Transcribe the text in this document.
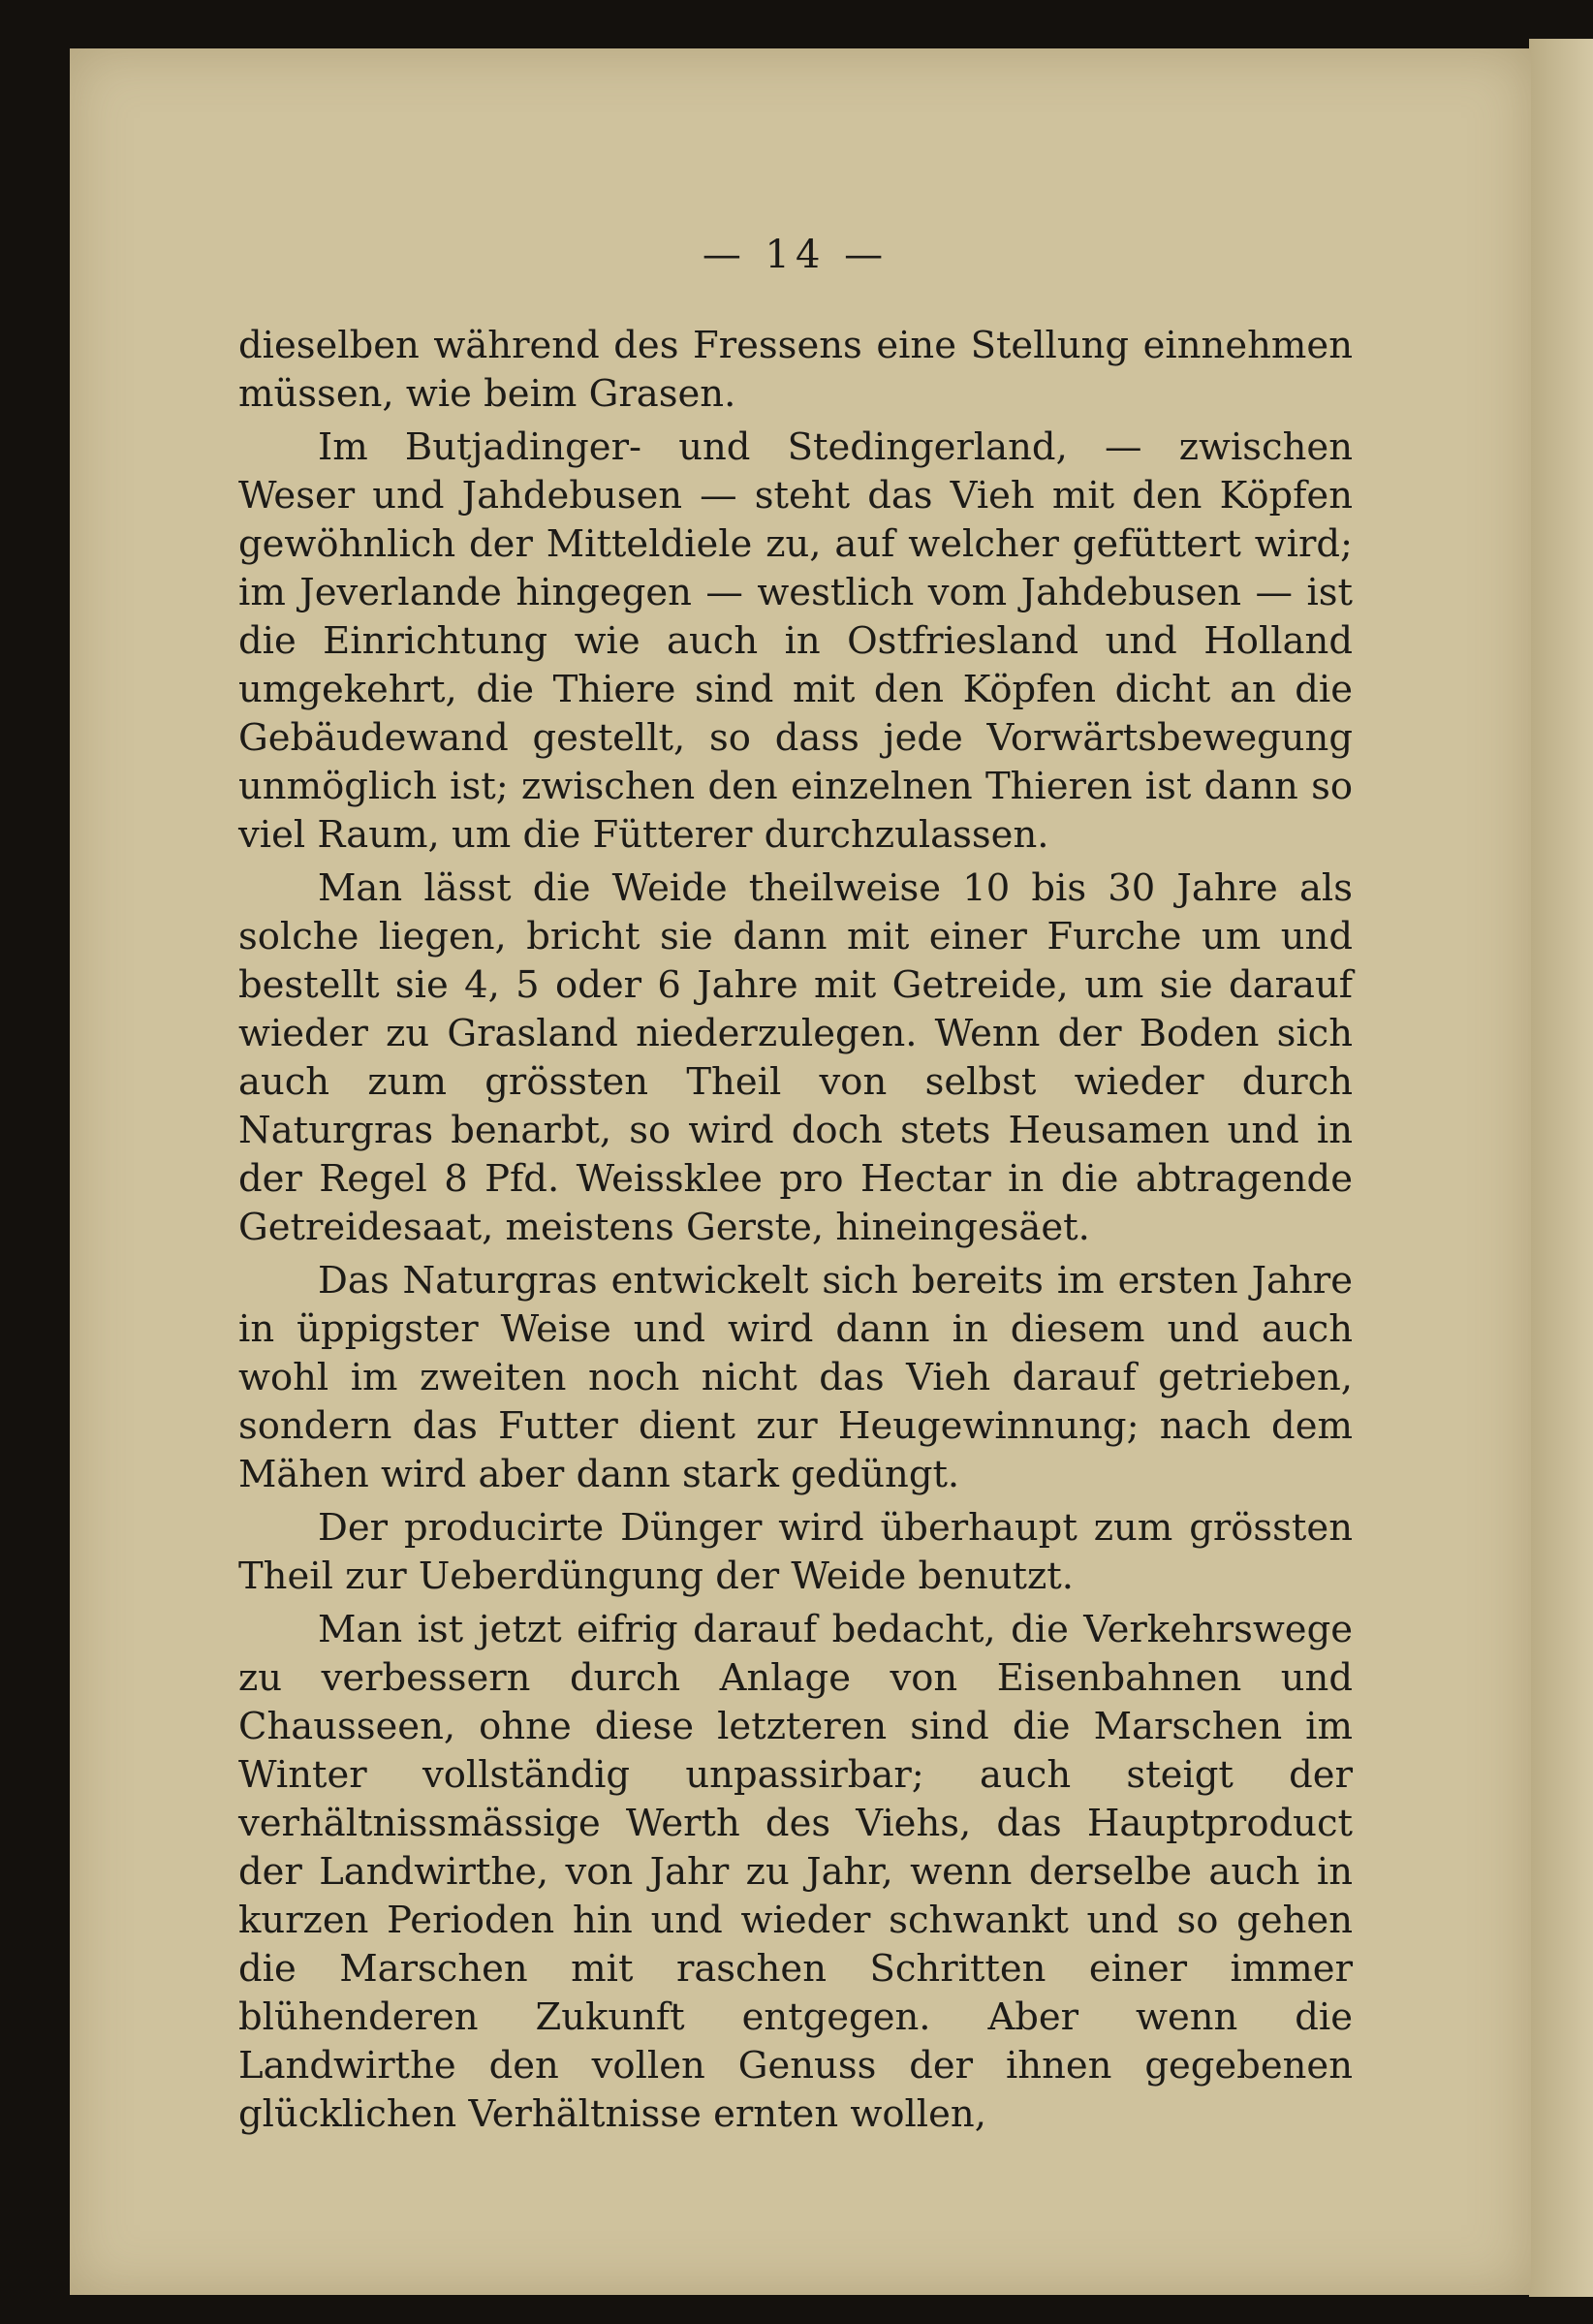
— 14 —

dieselben während des Fressens eine Stellung einnehmen müssen, wie beim Grasen.

Im Butjadinger- und Stedingerland, — zwischen Weser und Jahdebusen — steht das Vieh mit den Köpfen gewöhnlich der Mitteldiele zu, auf welcher gefüttert wird; im Jeverlande hingegen — westlich vom Jahdebusen — ist die Einrichtung wie auch in Ostfriesland und Holland umgekehrt, die Thiere sind mit den Köpfen dicht an die Gebäudewand gestellt, so dass jede Vorwärtsbewegung unmöglich ist; zwischen den einzelnen Thieren ist dann so viel Raum, um die Fütterer durchzulassen.

Man lässt die Weide theilweise 10 bis 30 Jahre als solche liegen, bricht sie dann mit einer Furche um und bestellt sie 4, 5 oder 6 Jahre mit Getreide, um sie darauf wieder zu Grasland niederzulegen. Wenn der Boden sich auch zum grössten Theil von selbst wieder durch Naturgras benarbt, so wird doch stets Heusamen und in der Regel 8 Pfd. Weissklee pro Hectar in die abtragende Getreidesaat, meistens Gerste, hineingesäet.

Das Naturgras entwickelt sich bereits im ersten Jahre in üppigster Weise und wird dann in diesem und auch wohl im zweiten noch nicht das Vieh darauf getrieben, sondern das Futter dient zur Heugewinnung; nach dem Mähen wird aber dann stark gedüngt.

Der producirte Dünger wird überhaupt zum grössten Theil zur Ueberdüngung der Weide benutzt.

Man ist jetzt eifrig darauf bedacht, die Verkehrswege zu verbessern durch Anlage von Eisenbahnen und Chausseen, ohne diese letzteren sind die Marschen im Winter vollständig unpassirbar; auch steigt der verhältnissmässige Werth des Viehs, das Hauptproduct der Landwirthe, von Jahr zu Jahr, wenn derselbe auch in kurzen Perioden hin und wieder schwankt und so gehen die Marschen mit raschen Schritten einer immer blühenderen Zukunft entgegen. Aber wenn die Landwirthe den vollen Genuss der ihnen gegebenen glücklichen Verhältnisse ernten wollen,
